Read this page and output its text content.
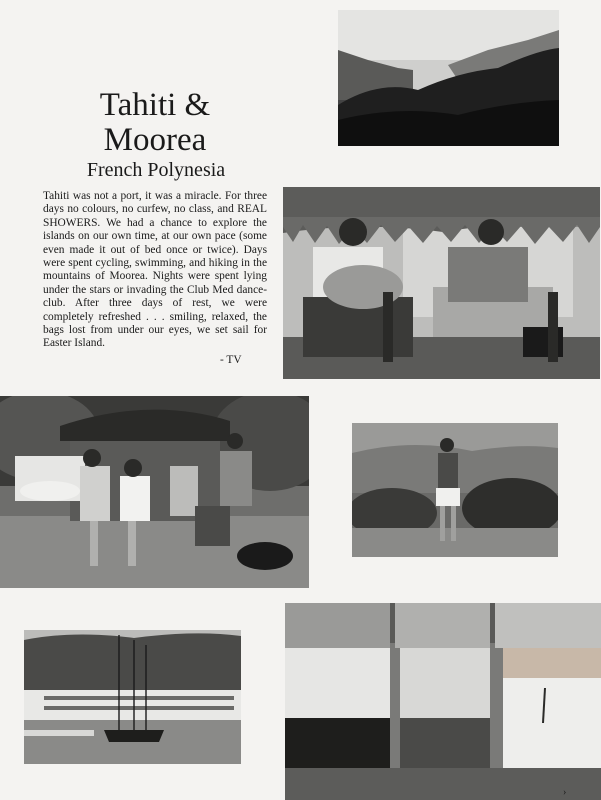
Tahiti &
Moorea
French Polynesia

Tahiti was not a port, it was a miracle. For three days no colours, no curfew, no class, and REAL SHOWERS. We had a chance to explore the islands on our own time, at our own pace (some even made it out of bed once or twice). Days were spent cycling, swimming, and hiking in the mountains of Moorea. Nights were spent lying under the stars or invading the Club Med dance-club. After three days of rest, we were completely refreshed . . . smiling, relaxed, the bags lost from under our eyes, we set sail for Easter Island.

- TV
›
